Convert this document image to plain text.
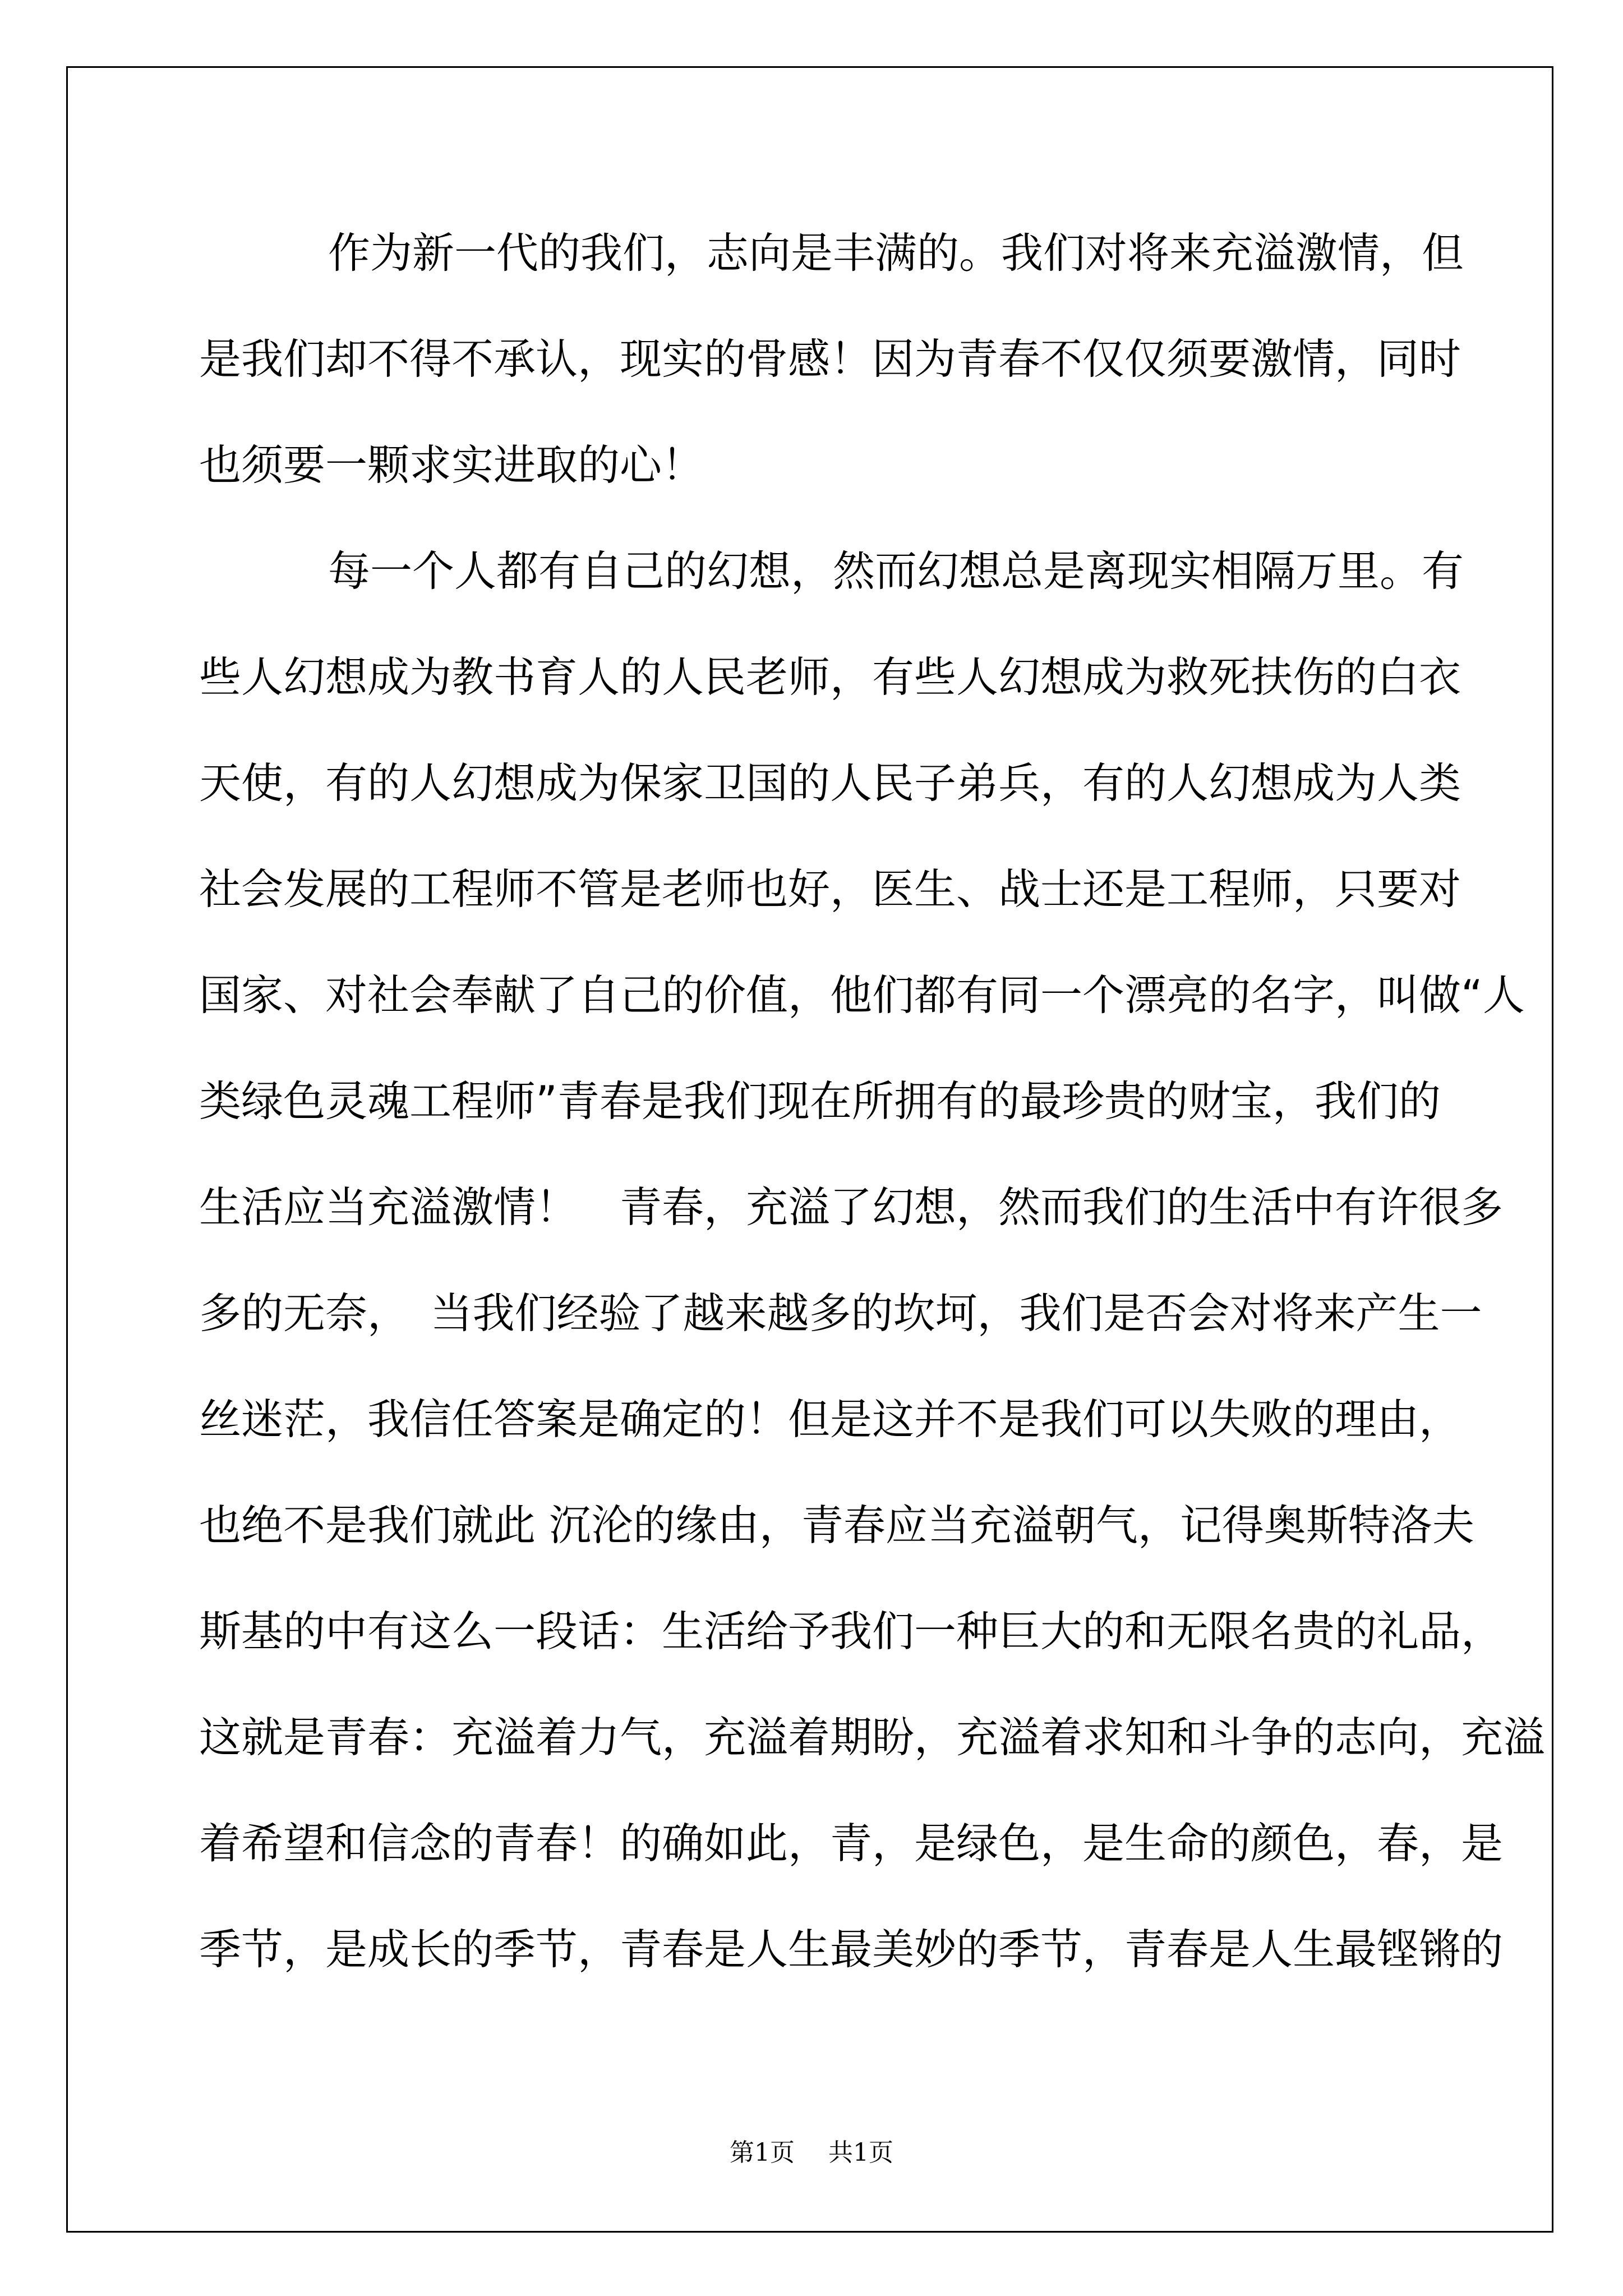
作为新一代的我们，志向是丰满的。我们对将来充溢激情，但
是我们却不得不承认，现实的骨感！因为青春不仅仅须要激情，同时
也须要一颗求实进取的心！
每一个人都有自己的幻想，然而幻想总是离现实相隔万里。有
些人幻想成为教书育人的人民老师，有些人幻想成为救死扶伤的白衣
天使，有的人幻想成为保家卫国的人民子弟兵，有的人幻想成为人类
社会发展的工程师不管是老师也好，医生、战士还是工程师，只要对
国家、对社会奉献了自己的价值，他们都有同一个漂亮的名字，叫做“人
类绿色灵魂工程师”青春是我们现在所拥有的最珍贵的财宝，我们的
生活应当充溢激情！　青春，充溢了幻想，然而我们的生活中有许很多
多的无奈，　当我们经验了越来越多的坎坷，我们是否会对将来产生一
丝迷茫，我信任答案是确定的！但是这并不是我们可以失败的理由，
也绝不是我们就此 沉沦的缘由，青春应当充溢朝气，记得奥斯特洛夫
斯基的中有这么一段话：生活给予我们一种巨大的和无限名贵的礼品，
这就是青春：充溢着力气，充溢着期盼，充溢着求知和斗争的志向，充溢
着希望和信念的青春！的确如此，青，是绿色，是生命的颜色，春，是
季节，是成长的季节，青春是人生最美妙的季节，青春是人生最铿锵的
第1页 共1页
